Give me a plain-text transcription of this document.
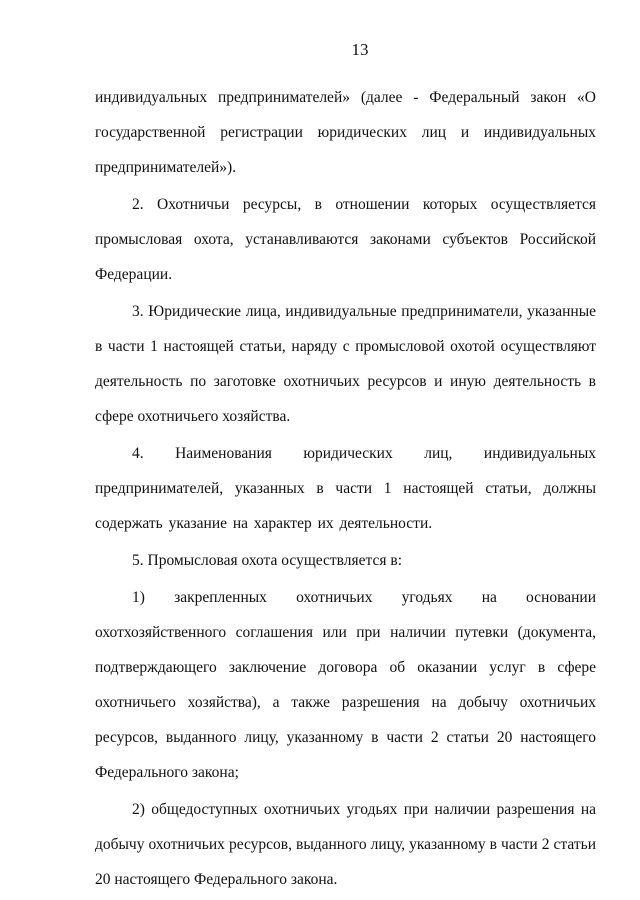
13

индивидуальных предпринимателей» (далее - Федеральный закон «О государственной регистрации юридических лиц и индивидуальных предпринимателей»).

2. Охотничьи ресурсы, в отношении которых осуществляется промысловая охота, устанавливаются законами субъектов Российской Федерации.

3. Юридические лица, индивидуальные предприниматели, указанные в части 1 настоящей статьи, наряду с промысловой охотой осуществляют деятельность по заготовке охотничьих ресурсов и иную деятельность в сфере охотничьего хозяйства.

4. Наименования юридических лиц, индивидуальных предпринимателей, указанных в части 1 настоящей статьи, должны содержать указание на характер их деятельности.

5. Промысловая охота осуществляется в:

1) закрепленных охотничьих угодьях на основании охотхозяйственного соглашения или при наличии путевки (документа, подтверждающего заключение договора об оказании услуг в сфере охотничьего хозяйства), а также разрешения на добычу охотничьих ресурсов, выданного лицу, указанному в части 2 статьи 20 настоящего Федерального закона;

2) общедоступных охотничьих угодьях при наличии разрешения на добычу охотничьих ресурсов, выданного лицу, указанному в части 2 статьи 20 настоящего Федерального закона.
